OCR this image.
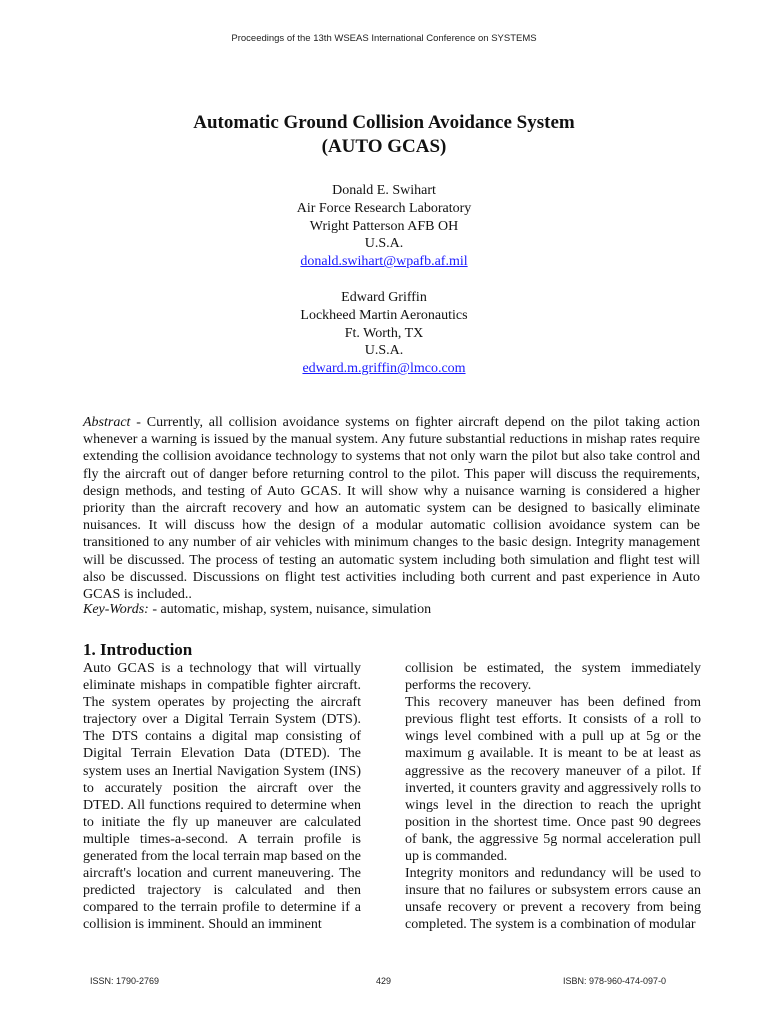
Proceedings of the 13th WSEAS International Conference on SYSTEMS
Automatic Ground Collision Avoidance System
(AUTO GCAS)
Donald E. Swihart
Air Force Research Laboratory
Wright Patterson AFB OH
U.S.A.
donald.swihart@wpafb.af.mil
Edward Griffin
Lockheed Martin Aeronautics
Ft. Worth, TX
U.S.A.
edward.m.griffin@lmco.com
Abstract - Currently, all collision avoidance systems on fighter aircraft depend on the pilot taking action whenever a warning is issued by the manual system. Any future substantial reductions in mishap rates require extending the collision avoidance technology to systems that not only warn the pilot but also take control and fly the aircraft out of danger before returning control to the pilot. This paper will discuss the requirements, design methods, and testing of Auto GCAS. It will show why a nuisance warning is considered a higher priority than the aircraft recovery and how an automatic system can be designed to basically eliminate nuisances. It will discuss how the design of a modular automatic collision avoidance system can be transitioned to any number of air vehicles with minimum changes to the basic design. Integrity management will be discussed. The process of testing an automatic system including both simulation and flight test will also be discussed. Discussions on flight test activities including both current and past experience in Auto GCAS is included..
Key-Words: - automatic, mishap, system, nuisance, simulation
1. Introduction

Auto GCAS is a technology that will virtually eliminate mishaps in compatible fighter aircraft. The system operates by projecting the aircraft trajectory over a Digital Terrain System (DTS). The DTS contains a digital map consisting of Digital Terrain Elevation Data (DTED). The system uses an Inertial Navigation System (INS) to accurately position the aircraft over the DTED. All functions required to determine when to initiate the fly up maneuver are calculated multiple times-a-second. A terrain profile is generated from the local terrain map based on the aircraft's location and current maneuvering. The predicted trajectory is calculated and then compared to the terrain profile to determine if a collision is imminent. Should an imminent

collision be estimated, the system immediately performs the recovery.

This recovery maneuver has been defined from previous flight test efforts. It consists of a roll to wings level combined with a pull up at 5g or the maximum g available. It is meant to be at least as aggressive as the recovery maneuver of a pilot. If inverted, it counters gravity and aggressively rolls to wings level in the direction to reach the upright position in the shortest time. Once past 90 degrees of bank, the aggressive 5g normal acceleration pull up is commanded.

Integrity monitors and redundancy will be used to insure that no failures or subsystem errors cause an unsafe recovery or prevent a recovery from being completed. The system is a combination of modular

ISSN: 1790-2769	429	ISBN: 978-960-474-097-0
